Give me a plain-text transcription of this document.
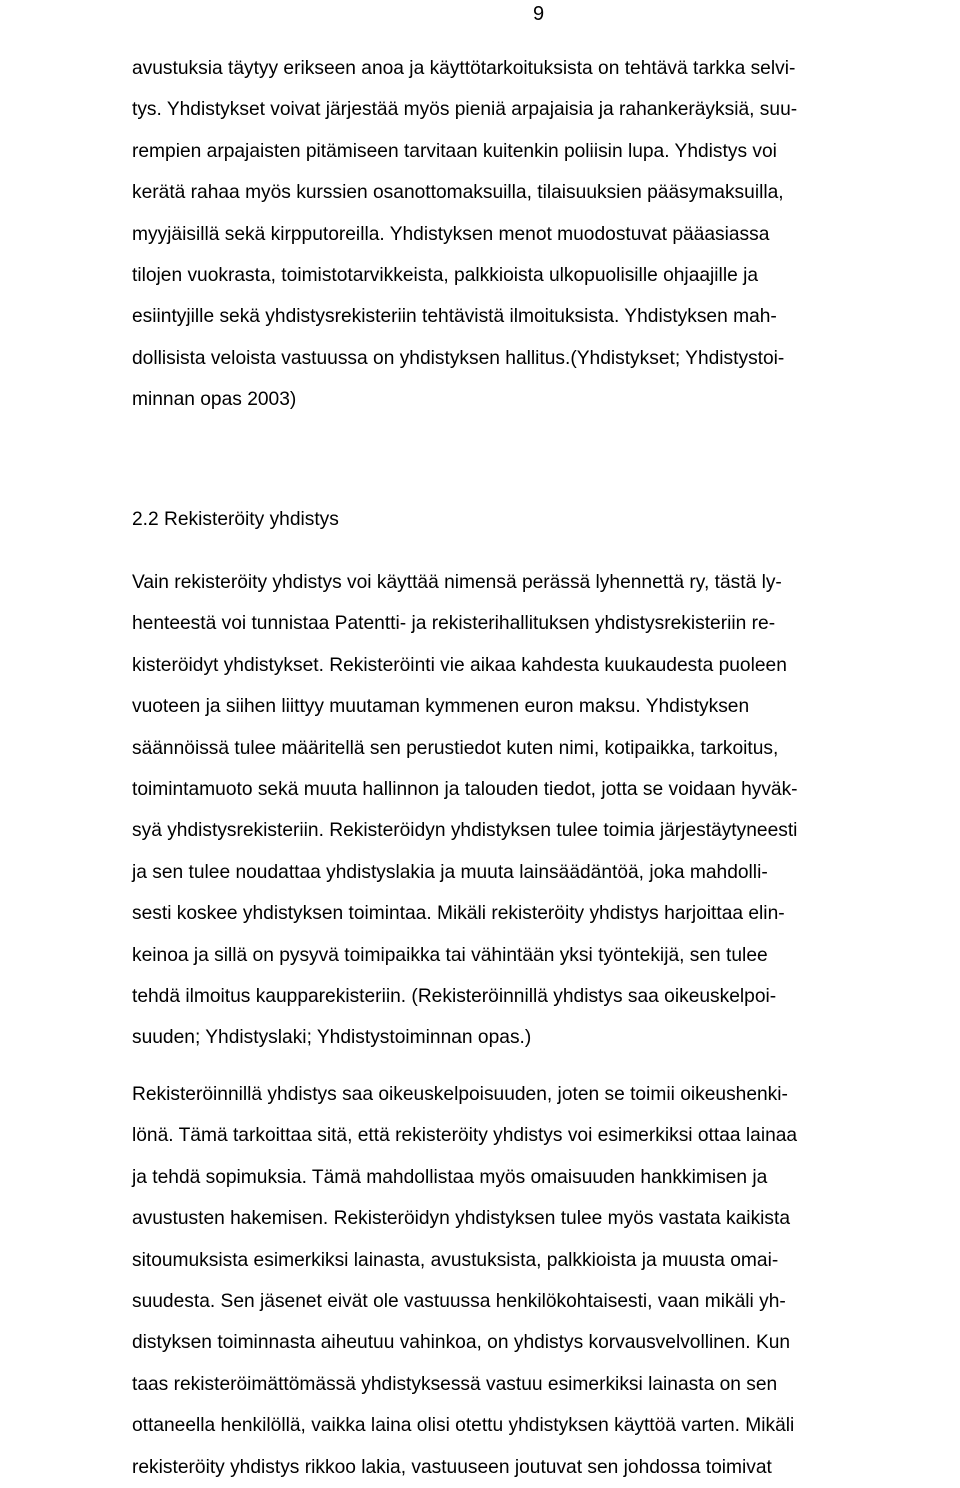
9
avustuksia täytyy erikseen anoa ja käyttötarkoituksista on tehtävä tarkka selvi-
tys. Yhdistykset voivat järjestää myös pieniä arpajaisia ja rahankeräyksiä, suu-
rempien arpajaisten pitämiseen tarvitaan kuitenkin poliisin lupa. Yhdistys voi
kerätä rahaa myös kurssien osanottomaksuilla, tilaisuuksien pääsymaksuilla,
myyjäisillä sekä kirpputoreilla. Yhdistyksen menot muodostuvat pääasiassa
tilojen vuokrasta, toimistotarvikkeista, palkkioista ulkopuolisille ohjaajille ja
esiintyjille sekä yhdistysrekisteriin tehtävistä ilmoituksista. Yhdistyksen mah-
dollisista veloista vastuussa on yhdistyksen hallitus.(Yhdistykset; Yhdistystoi-
minnan opas 2003)
2.2 Rekisteröity yhdistys
Vain rekisteröity yhdistys voi käyttää nimensä perässä lyhennettä ry, tästä ly-
henteestä voi tunnistaa Patentti- ja rekisterihallituksen yhdistysrekisteriin re-
kisteröidyt yhdistykset. Rekisteröinti vie aikaa kahdesta kuukaudesta puoleen
vuoteen ja siihen liittyy muutaman kymmenen euron maksu. Yhdistyksen
säännöissä tulee määritellä sen perustiedot kuten nimi, kotipaikka, tarkoitus,
toimintamuoto sekä muuta hallinnon ja talouden tiedot, jotta se voidaan hyväk-
syä yhdistysrekisteriin. Rekisteröidyn yhdistyksen tulee toimia järjestäytyneesti
ja sen tulee noudattaa yhdistyslakia ja muuta lainsäädäntöä, joka mahdolli-
sesti koskee yhdistyksen toimintaa. Mikäli rekisteröity yhdistys harjoittaa elin-
keinoa ja sillä on pysyvä toimipaikka tai vähintään yksi työntekijä, sen tulee
tehdä ilmoitus kaupparekisteriin. (Rekisteröinnillä yhdistys saa oikeuskelpoi-
suuden; Yhdistyslaki; Yhdistystoiminnan opas.)
Rekisteröinnillä yhdistys saa oikeuskelpoisuuden, joten se toimii oikeushenki-
lönä. Tämä tarkoittaa sitä, että rekisteröity yhdistys voi esimerkiksi ottaa lainaa
ja tehdä sopimuksia. Tämä mahdollistaa myös omaisuuden hankkimisen ja
avustusten hakemisen. Rekisteröidyn yhdistyksen tulee myös vastata kaikista
sitoumuksista esimerkiksi lainasta, avustuksista, palkkioista ja muusta omai-
suudesta. Sen jäsenet eivät ole vastuussa henkilökohtaisesti, vaan mikäli yh-
distyksen toiminnasta aiheutuu vahinkoa, on yhdistys korvausvelvollinen. Kun
taas rekisteröimättömässä yhdistyksessä vastuu esimerkiksi lainasta on sen
ottaneella henkilöllä, vaikka laina olisi otettu yhdistyksen käyttöä varten. Mikäli
rekisteröity yhdistys rikkoo lakia, vastuuseen joutuvat sen johdossa toimivat
